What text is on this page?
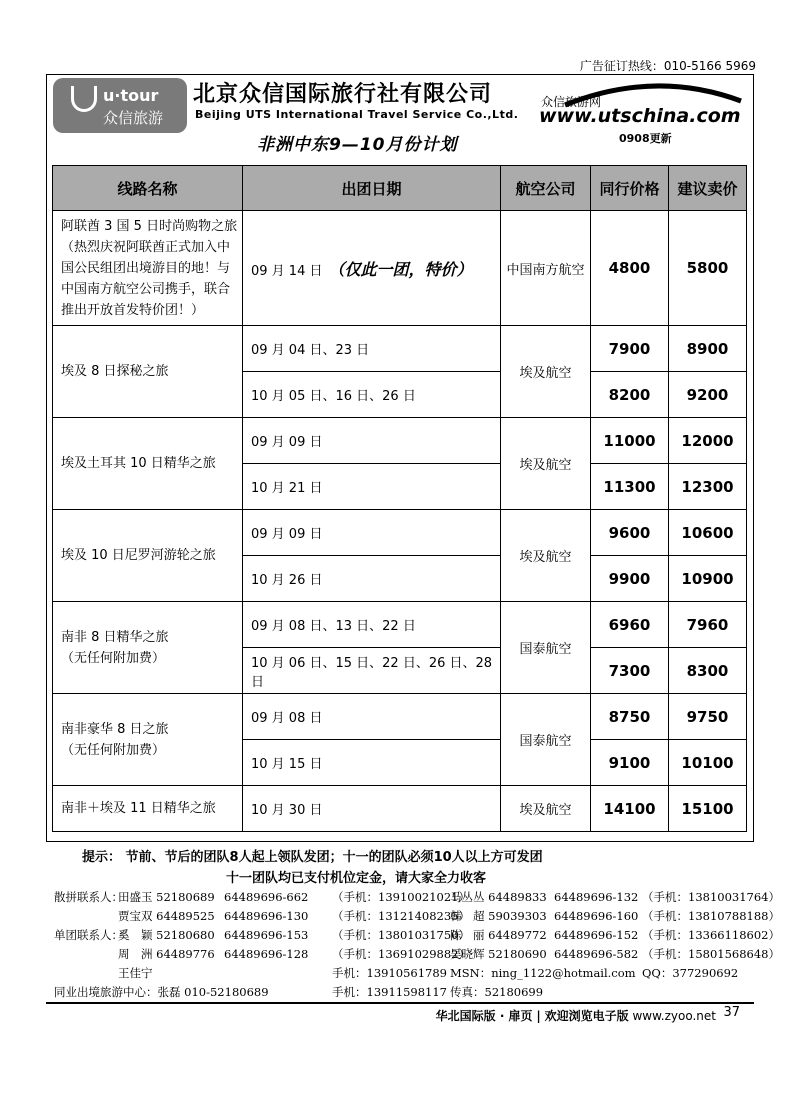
广告征订热线：010-5166 5969
u·tour
众信旅游
北京众信国际旅行社有限公司
Beijing UTS International Travel Service Co.,Ltd.
非洲中东9—10月份计划
众信旅游网
www.utschina.com
0908更新
线路名称	出团日期	航空公司	同行价格	建议卖价
阿联酋 3 国 5 日时尚购物之旅（热烈庆祝阿联酋正式加入中国公民组团出境游目的地！与中国南方航空公司携手，联合推出开放首发特价团！）	09 月 14 日 （仅此一团，特价）	中国南方航空	4800	5800
埃及 8 日探秘之旅	09 月 04 日、23 日	埃及航空	7900	8900
	10 月 05 日、16 日、26 日		8200	9200
埃及土耳其 10 日精华之旅	09 月 09 日	埃及航空	11000	12000
	10 月 21 日		11300	12300
埃及 10 日尼罗河游轮之旅	09 月 09 日	埃及航空	9600	10600
	10 月 26 日		9900	10900

南非 8 日精华之旅
（无任何附加费）	09 月 08 日、13 日、22 日	国泰航空	6960	7960
	10 月 06 日、15 日、22 日、26 日、28 日		7300	8300

南非豪华 8 日之旅
（无任何附加费）	09 月 08 日	国泰航空	8750	9750
	10 月 15 日		9100	10100
南非＋埃及 11 日精华之旅	10 月 30 日	埃及航空	14100	15100
提示： 节前、节后的团队8人起上领队发团；十一的团队必须10人以上方可发团
十一团队均已支付机位定金，请大家全力收客
散拼联系人：田盛玉 52180689 64489696-662 （手机：13910021021）马丛丛 64489833 64489696-132 （手机：13810031764）
贾宝双 64489525 64489696-130 （手机：13121408235）韩　超 59039303 64489696-160 （手机：13810788188）
单团联系人：奚　颖 52180680 64489696-153 （手机：13801031750）陈　丽 64489772 64489696-152 （手机：13366118602）
周　洲 64489776 64489696-128 （手机：13691029882）吴晓辉 52180690 64489696-582 （手机：15801568648）
王佳宁	手机：13910561789 MSN：ning_1122@hotmail.com QQ：377290692
同业出境旅游中心：张磊 010-52180689	手机：13911598117 传真：52180699
华北国际版 · 扉页 | 欢迎浏览电子版 www.zyoo.net 37
